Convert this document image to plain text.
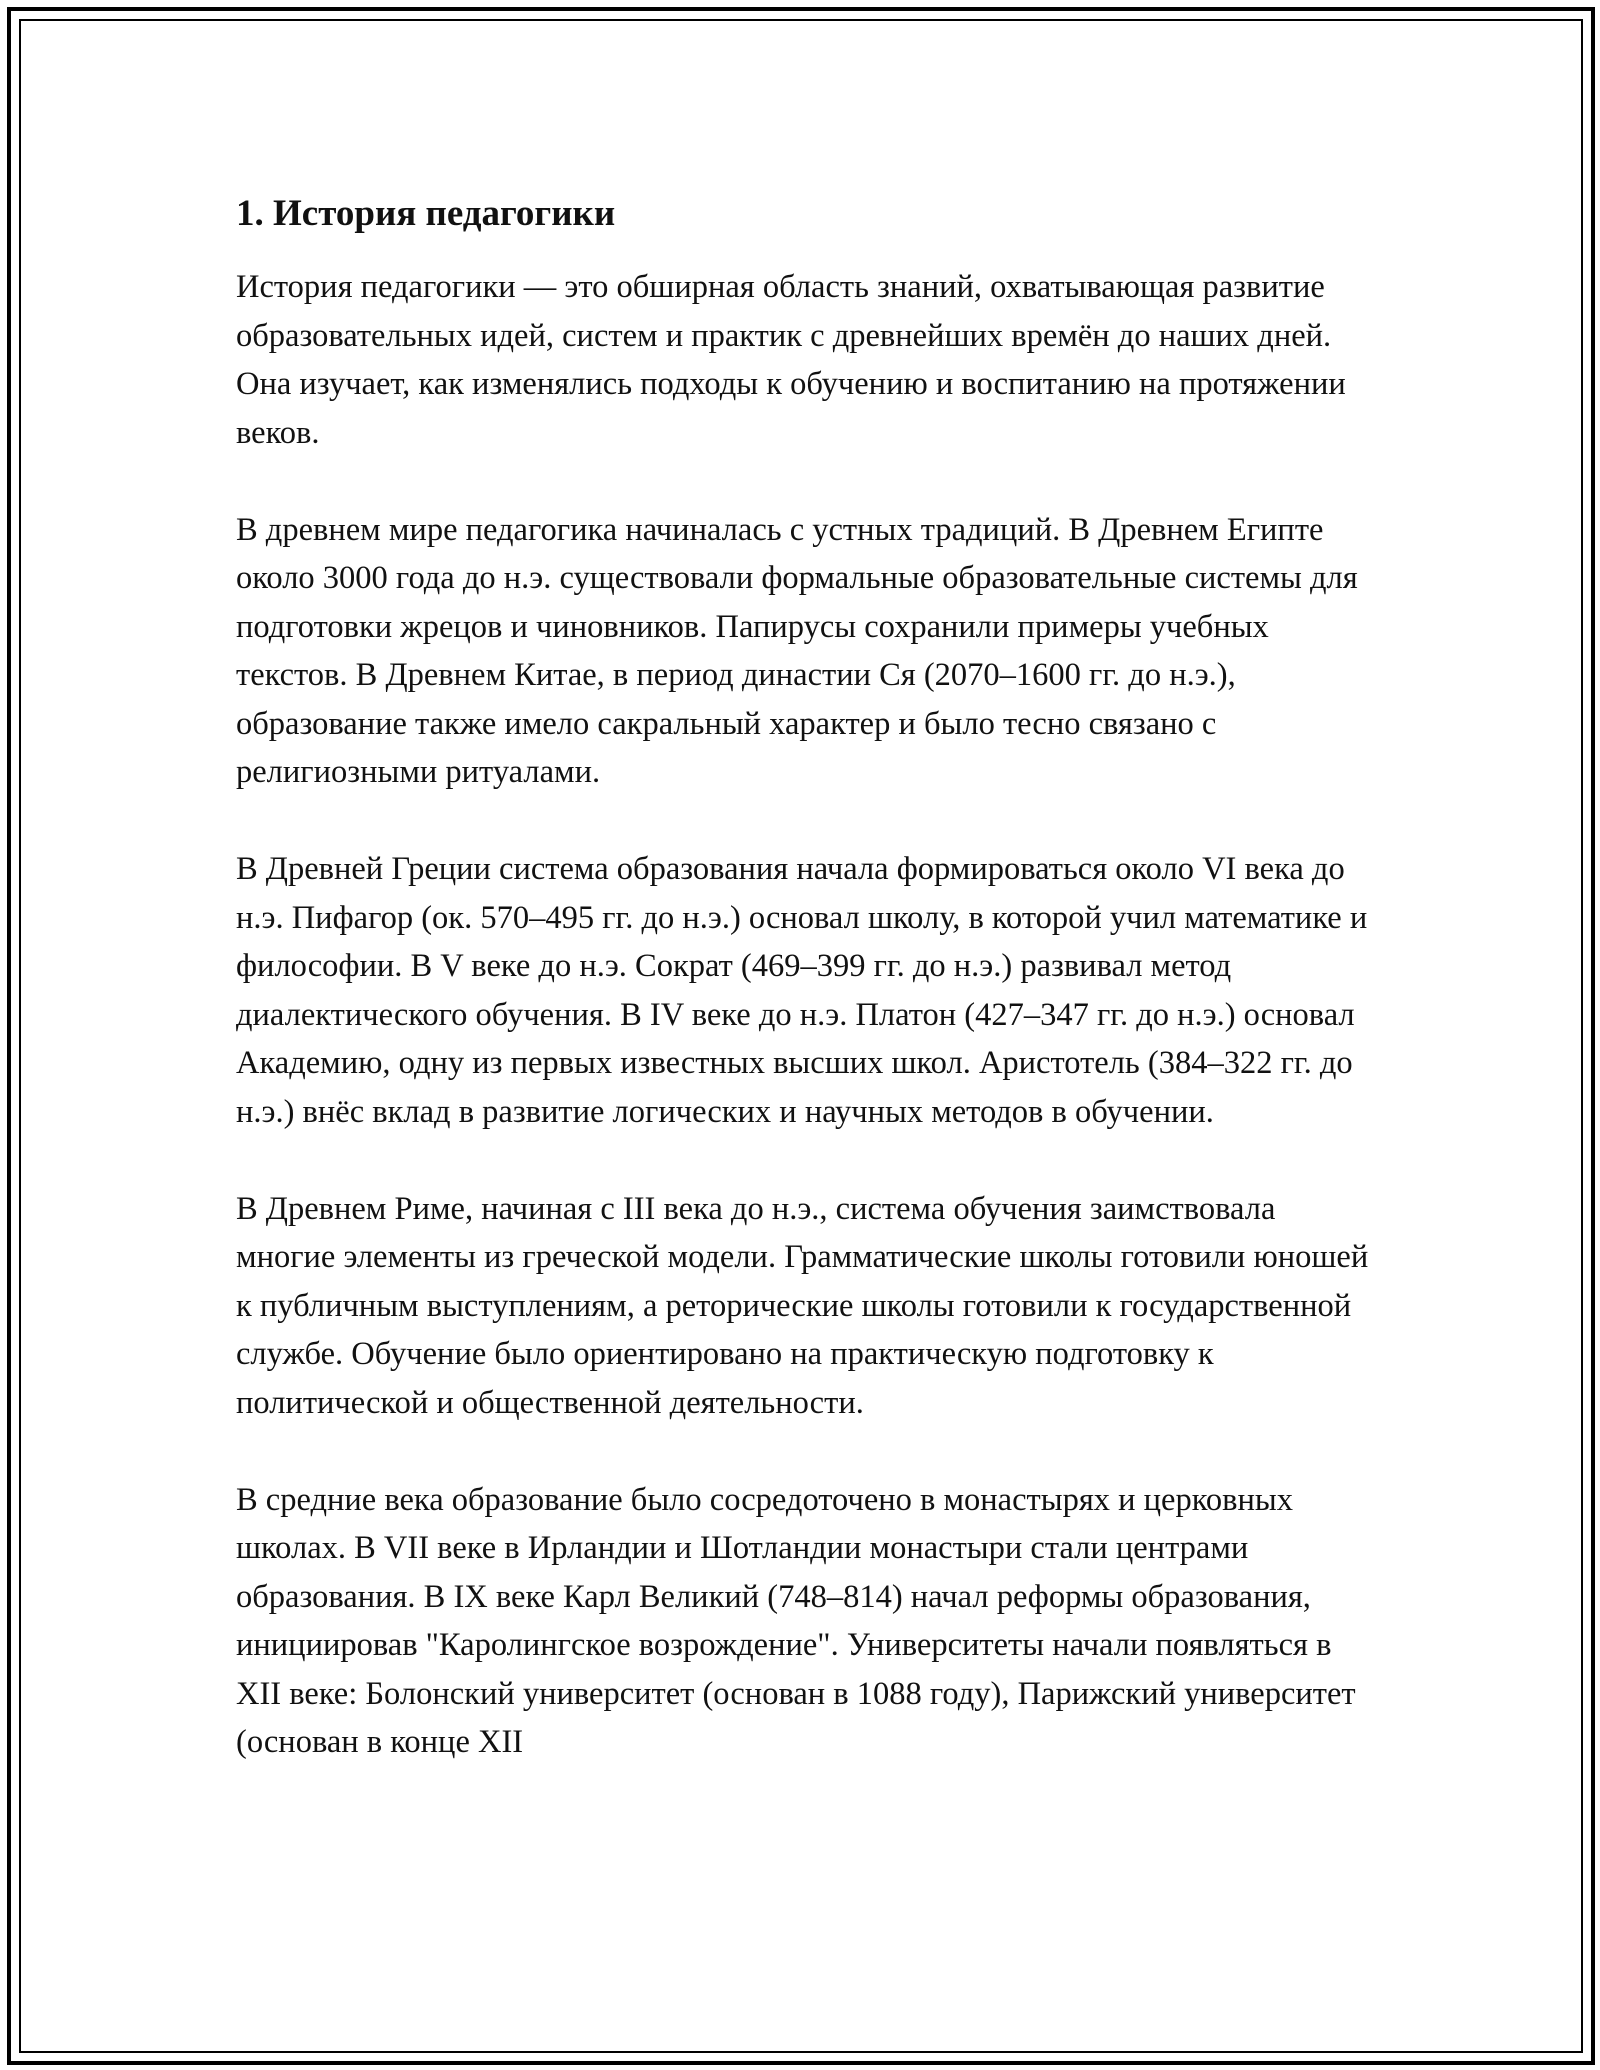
1. История педагогики

История педагогики — это обширная область знаний, охватывающая развитие образовательных идей, систем и практик с древнейших времён до наших дней. Она изучает, как изменялись подходы к обучению и воспитанию на протяжении веков.

В древнем мире педагогика начиналась с устных традиций. В Древнем Египте около 3000 года до н.э. существовали формальные образовательные системы для подготовки жрецов и чиновников. Папирусы сохранили примеры учебных текстов. В Древнем Китае, в период династии Ся (2070–1600 гг. до н.э.), образование также имело сакральный характер и было тесно связано с религиозными ритуалами.

В Древней Греции система образования начала формироваться около VI века до н.э. Пифагор (ок. 570–495 гг. до н.э.) основал школу, в которой учил математике и философии. В V веке до н.э. Сократ (469–399 гг. до н.э.) развивал метод диалектического обучения. В IV веке до н.э. Платон (427–347 гг. до н.э.) основал Академию, одну из первых известных высших школ. Аристотель (384–322 гг. до н.э.) внёс вклад в развитие логических и научных методов в обучении.

В Древнем Риме, начиная с III века до н.э., система обучения заимствовала многие элементы из греческой модели. Грамматические школы готовили юношей к публичным выступлениям, а реторические школы готовили к государственной службе. Обучение было ориентировано на практическую подготовку к политической и общественной деятельности.

В средние века образование было сосредоточено в монастырях и церковных школах. В VII веке в Ирландии и Шотландии монастыри стали центрами образования. В IX веке Карл Великий (748–814) начал реформы образования, инициировав "Каролингское возрождение". Университеты начали появляться в XII веке: Болонский университет (основан в 1088 году), Парижский университет (основан в конце XII
